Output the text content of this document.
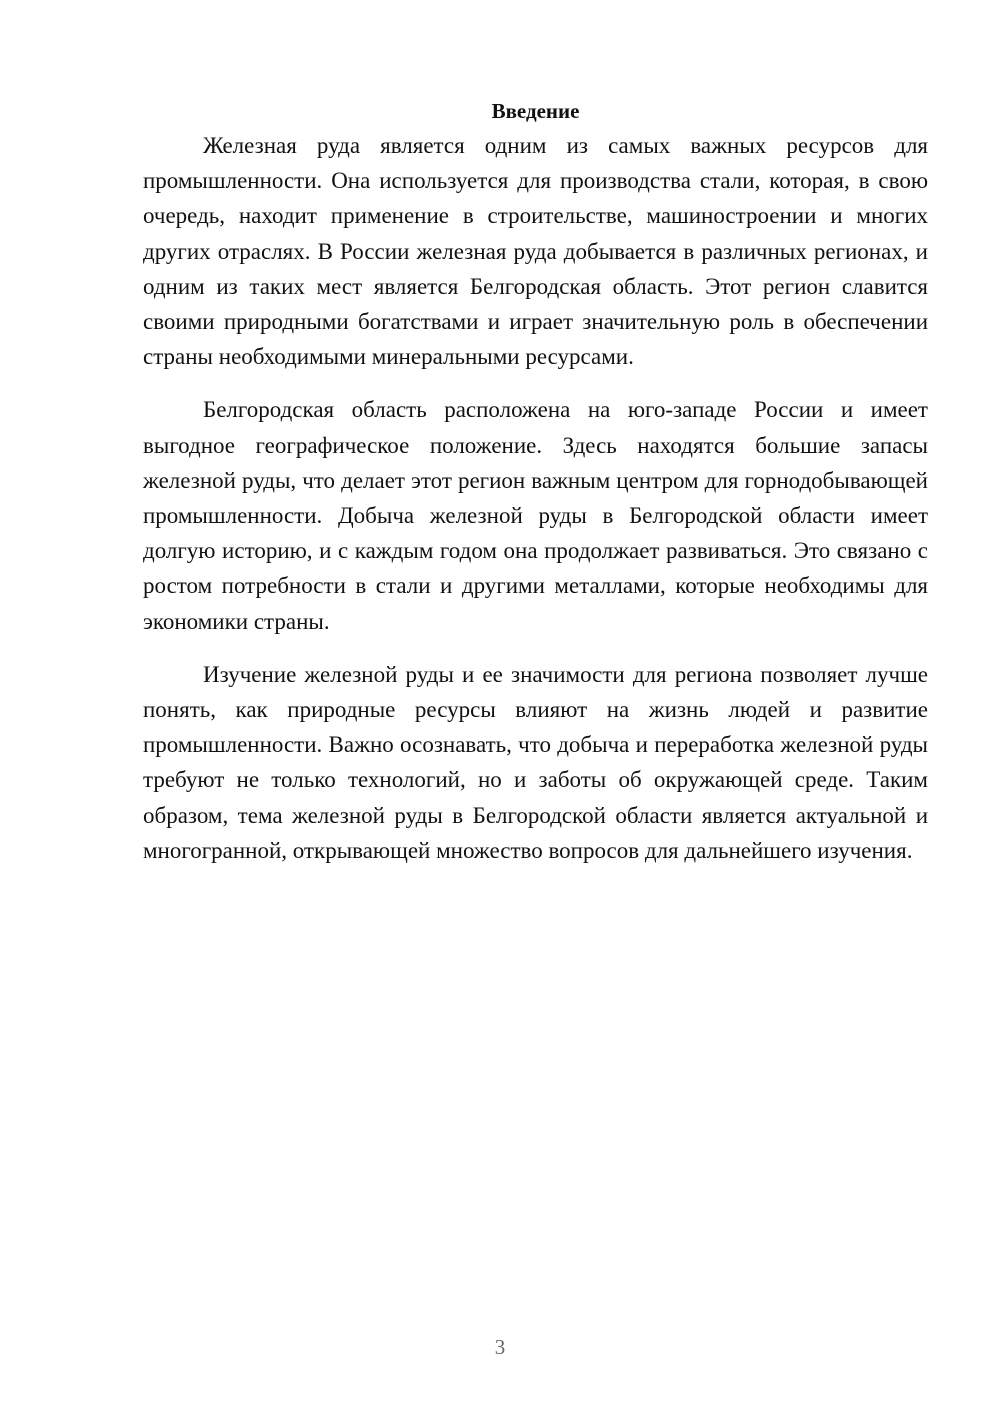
Введение

Железная руда является одним из самых важных ресурсов для промышленности. Она используется для производства стали, которая, в свою очередь, находит применение в строительстве, машиностроении и многих других отраслях. В России железная руда добывается в различных регионах, и одним из таких мест является Белгородская область. Этот регион славится своими природными богатствами и играет значительную роль в обеспечении страны необходимыми минеральными ресурсами.

Белгородская область расположена на юго-западе России и имеет выгодное географическое положение. Здесь находятся большие запасы железной руды, что делает этот регион важным центром для горнодобывающей промышленности. Добыча железной руды в Белгородской области имеет долгую историю, и с каждым годом она продолжает развиваться. Это связано с ростом потребности в стали и другими металлами, которые необходимы для экономики страны.

Изучение железной руды и ее значимости для региона позволяет лучше понять, как природные ресурсы влияют на жизнь людей и развитие промышленности. Важно осознавать, что добыча и переработка железной руды требуют не только технологий, но и заботы об окружающей среде. Таким образом, тема железной руды в Белгородской области является актуальной и многогранной, открывающей множество вопросов для дальнейшего изучения.

3
